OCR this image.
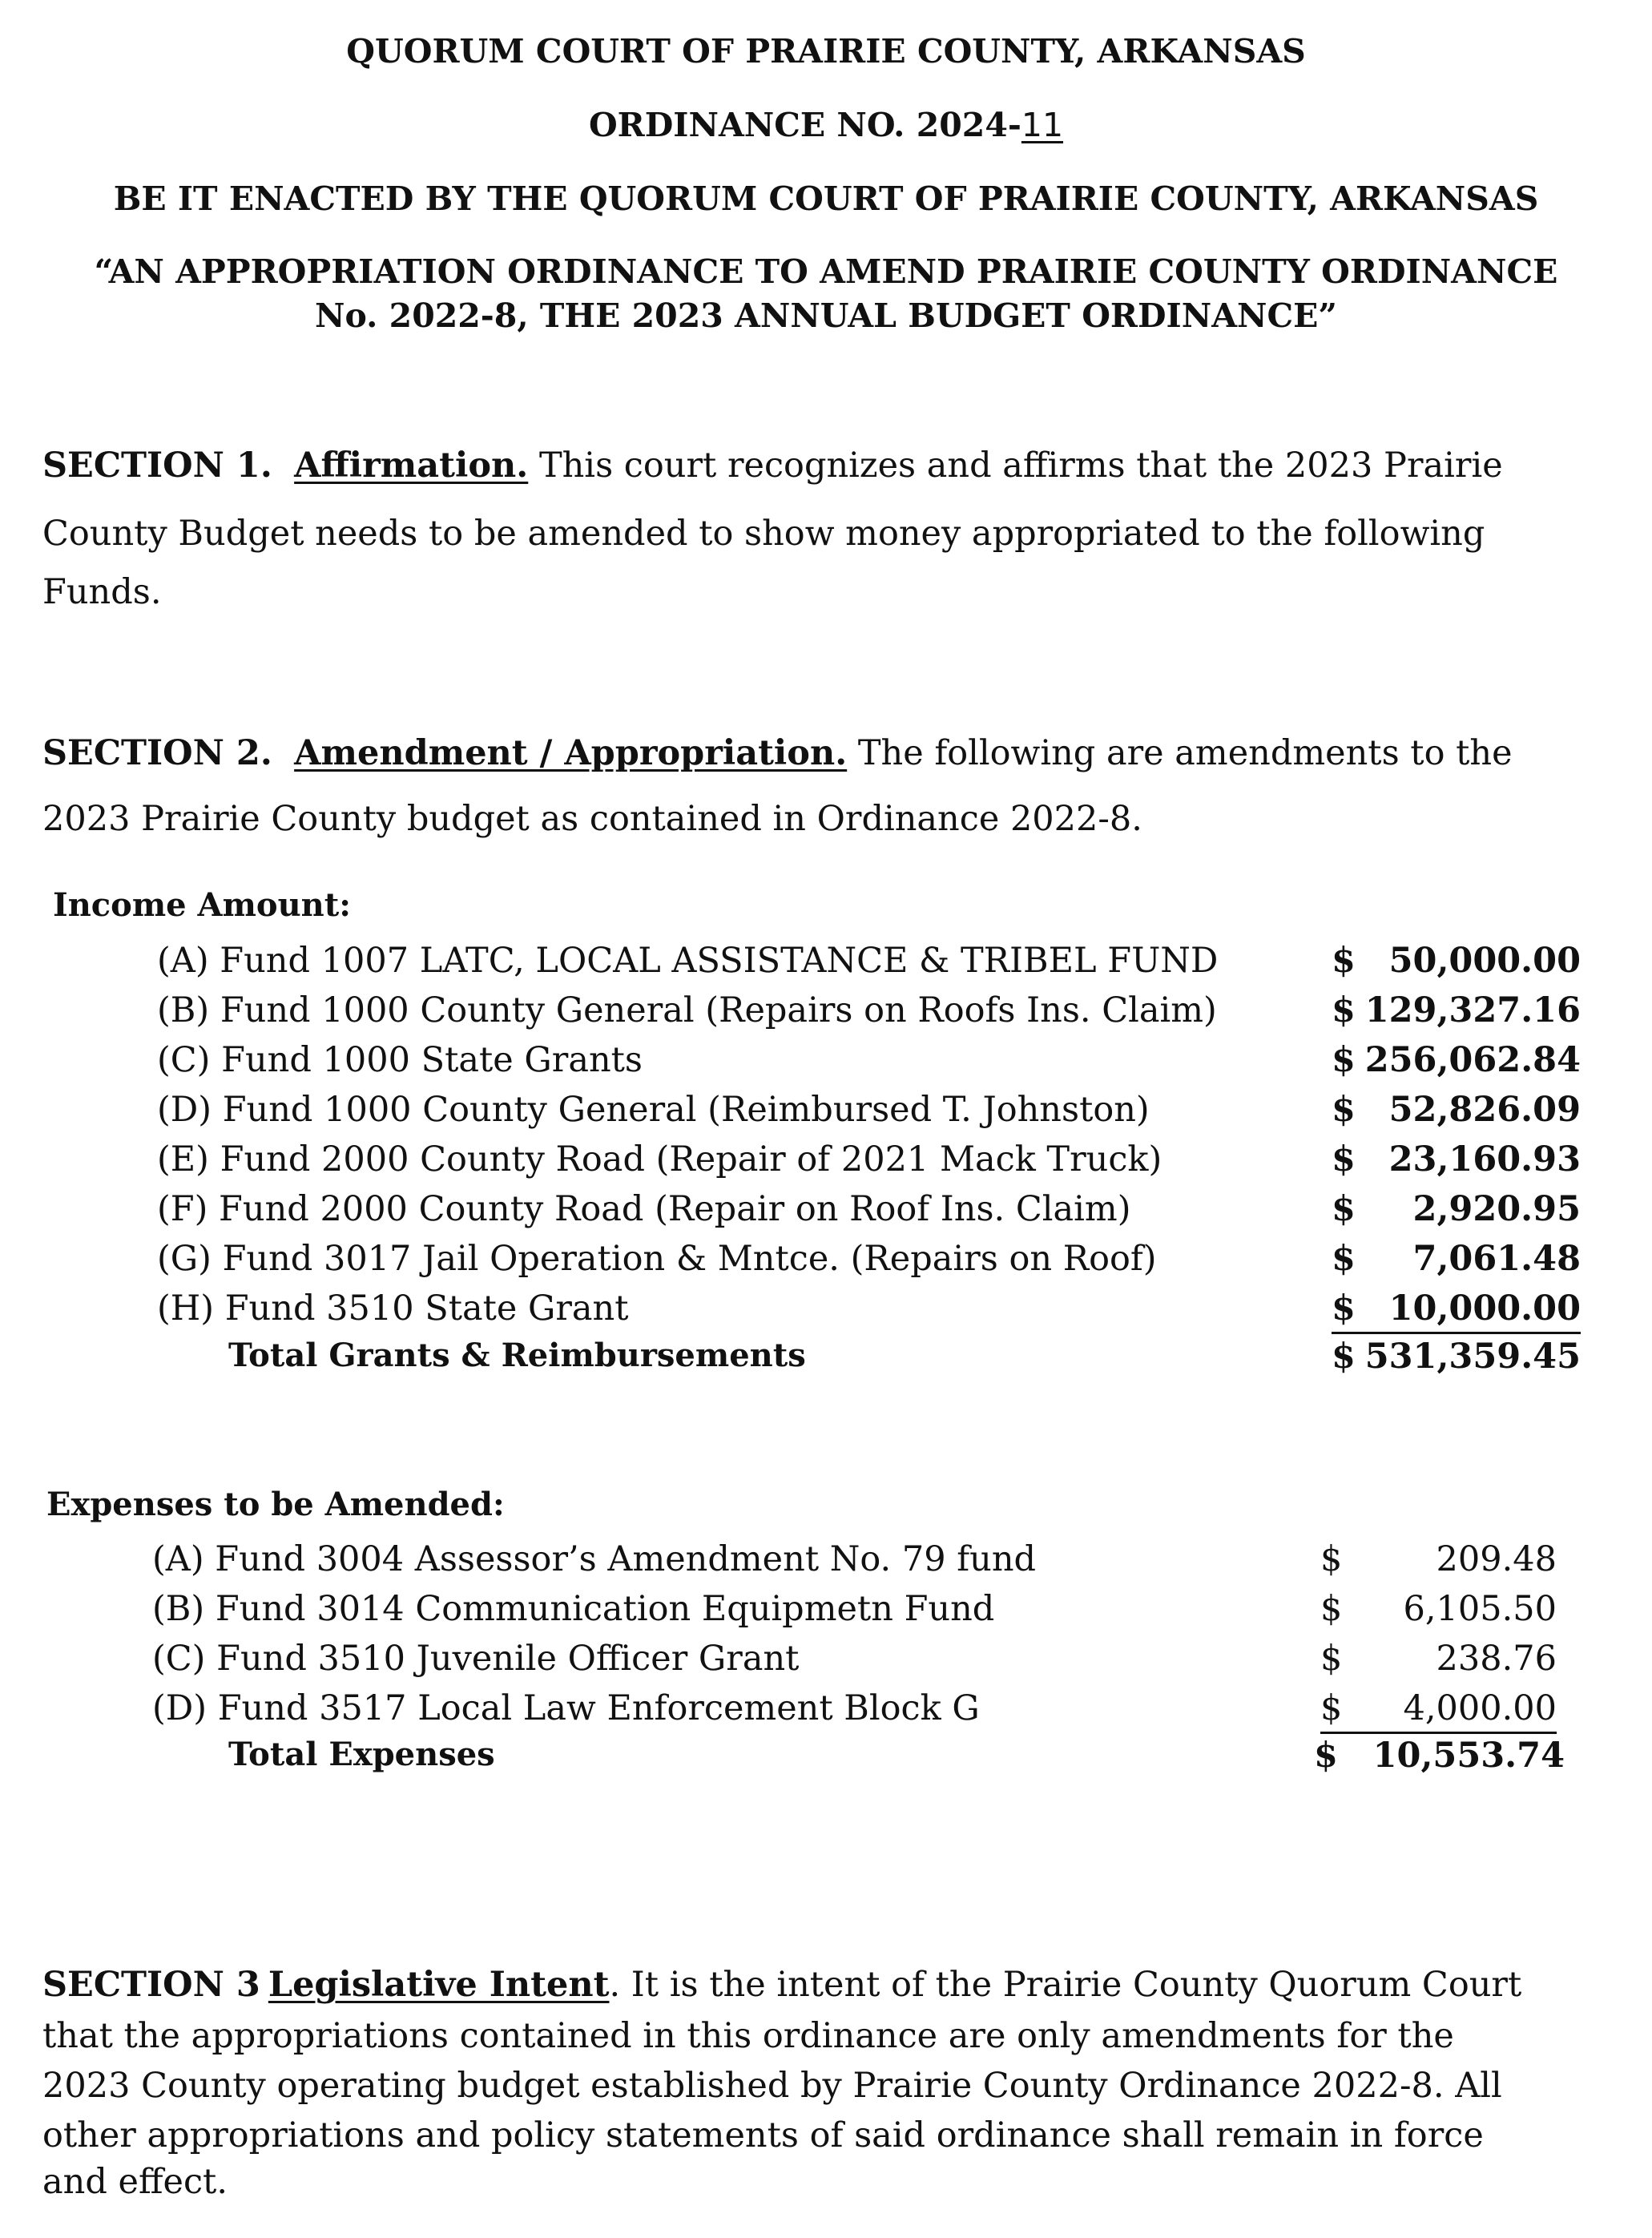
QUORUM COURT OF PRAIRIE COUNTY, ARKANSAS
ORDINANCE NO. 2024-11
BE IT ENACTED BY THE QUORUM COURT OF PRAIRIE COUNTY, ARKANSAS
“AN APPROPRIATION ORDINANCE TO AMEND PRAIRIE COUNTY ORDINANCE
No. 2022-8, THE 2023 ANNUAL BUDGET ORDINANCE”
SECTION 1. Affirmation. This court recognizes and affirms that the 2023 Prairie
County Budget needs to be amended to show money appropriated to the following
Funds.
SECTION 2. Amendment / Appropriation. The following are amendments to the
2023 Prairie County budget as contained in Ordinance 2022-8.
Income Amount:
(A) Fund 1007 LATC, LOCAL ASSISTANCE & TRIBEL FUND	$ 50,000.00
(B) Fund 1000 County General (Repairs on Roofs Ins. Claim)	$ 129,327.16
(C) Fund 1000 State Grants	$ 256,062.84
(D) Fund 1000 County General (Reimbursed T. Johnston)	$ 52,826.09
(E) Fund 2000 County Road (Repair of 2021 Mack Truck)	$ 23,160.93
(F) Fund 2000 County Road (Repair on Roof Ins. Claim)	$ 2,920.95
(G) Fund 3017 Jail Operation & Mntce. (Repairs on Roof)	$ 7,061.48
(H) Fund 3510 State Grant	$ 10,000.00
Total Grants & Reimbursements	$ 531,359.45
Expenses to be Amended:
(A) Fund 3004 Assessor’s Amendment No. 79 fund	$	209.48
(B) Fund 3014 Communication Equipmetn Fund	$ 6,105.50
(C) Fund 3510 Juvenile Officer Grant	$	238.76
(D) Fund 3517 Local Law Enforcement Block G	$ 4,000.00
Total Expenses	$ 10,553.74
SECTION 3 Legislative Intent. It is the intent of the Prairie County Quorum Court
that the appropriations contained in this ordinance are only amendments for the
2023 County operating budget established by Prairie County Ordinance 2022-8. All
other appropriations and policy statements of said ordinance shall remain in force
and effect.
